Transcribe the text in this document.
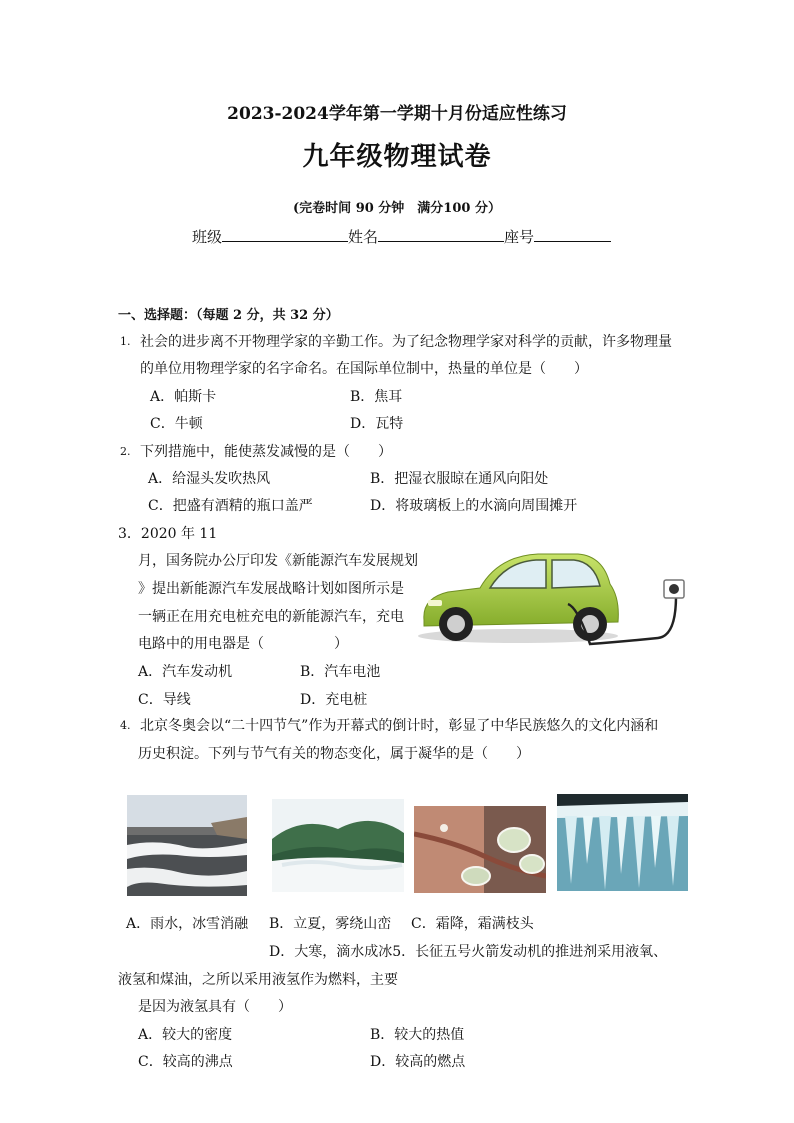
2023-2024学年第一学期十月份适应性练习
九年级物理试卷
(完卷时间 90 分钟　满分100 分）
班级	姓名	座号
一、选择题：（每题 2 分，共 32 分）
1. 社会的进步离不开物理学家的辛勤工作。为了纪念物理学家对科学的贡献，许多物理量
的单位用物理学家的名字命名。在国际单位制中，热量的单位是（　　）
A．帕斯卡	B．焦耳
C．牛顿	D．瓦特
2. 下列措施中，能使蒸发减慢的是（　　）
A．给湿头发吹热风	B．把湿衣服晾在通风向阳处
C．把盛有酒精的瓶口盖严	D．将玻璃板上的水滴向周围摊开
3．2020 年 11
月，国务院办公厅印发《新能源汽车发展规划
》提出新能源汽车发展战略计划如图所示是
一辆正在用充电桩充电的新能源汽车，充电
电路中的用电器是（　　　　　）
A．汽车发动机	B．汽车电池
C．导线	D．充电桩
4. 北京冬奥会以“二十四节气”作为开幕式的倒计时，彰显了中华民族悠久的文化内涵和
历史积淀。下列与节气有关的物态变化，属于凝华的是（　　）
A．雨水，冰雪消融 B．立夏，雾绕山峦 C．霜降，霜满枝头
D．大寒，滴水成冰5．长征五号火箭发动机的推进剂采用液氧、
液氢和煤油，之所以采用液氢作为燃料，主要
是因为液氢具有（　　）
A．较大的密度	B．较大的热值
C．较高的沸点	D．较高的燃点
